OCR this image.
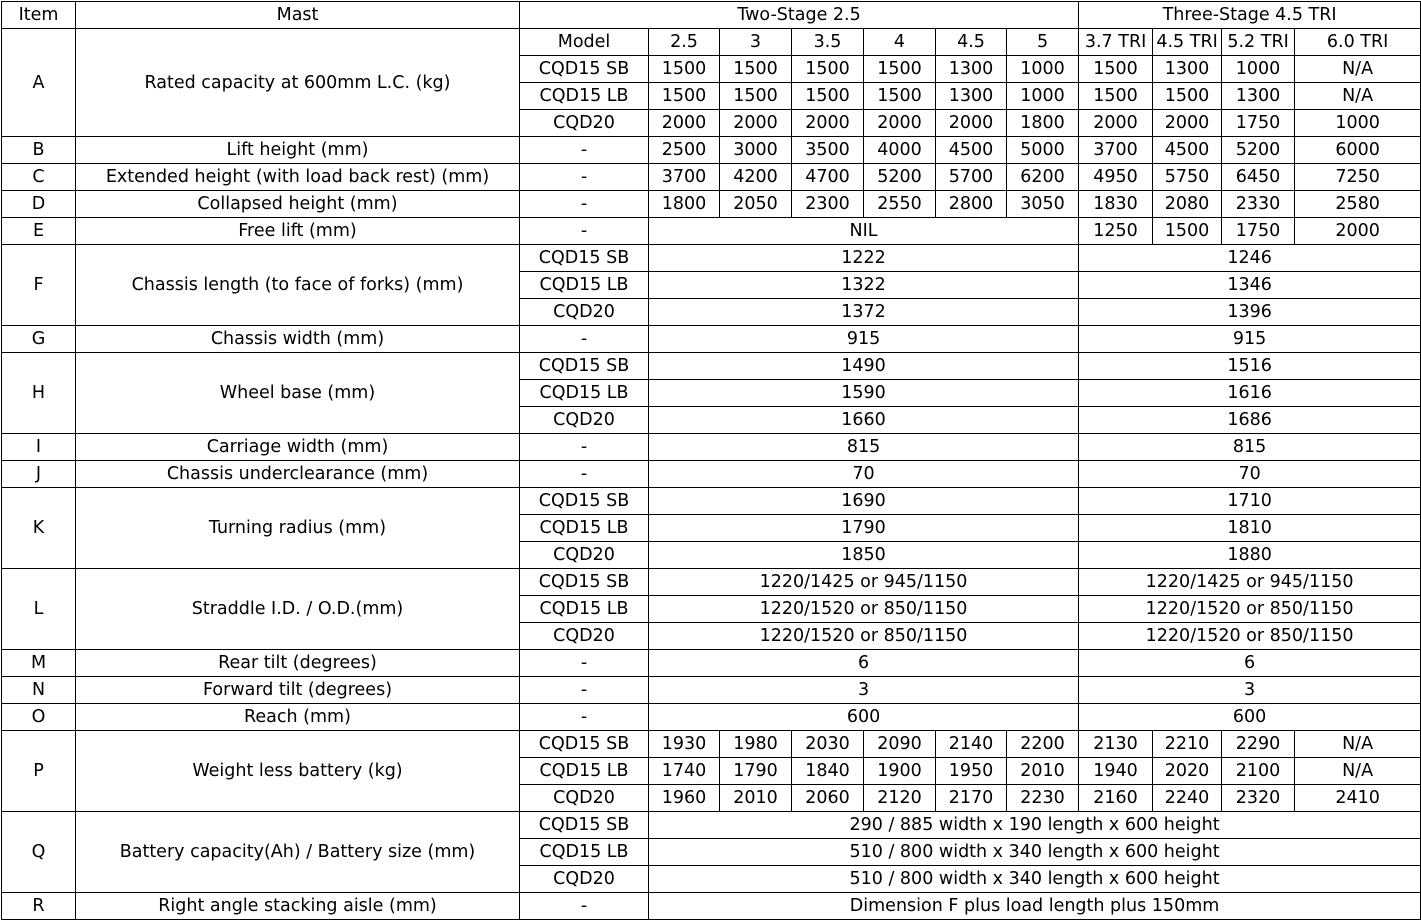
Item	Mast	Two-Stage 2.5							Three-Stage 4.5 TRI			
A	Rated capacity at 600mm L.C. (kg)	Model	2.5	3	3.5	4	4.5	5	3.7 TRI	4.5 TRI	5.2 TRI	6.0 TRI
		CQD15 SB	1500	1500	1500	1500	1300	1000	1500	1300	1000	N/A
		CQD15 LB	1500	1500	1500	1500	1300	1000	1500	1500	1300	N/A
		CQD20	2000	2000	2000	2000	2000	1800	2000	2000	1750	1000
B	Lift height (mm)	-	2500	3000	3500	4000	4500	5000	3700	4500	5200	6000
C	Extended height (with load back rest) (mm)	-	3700	4200	4700	5200	5700	6200	4950	5750	6450	7250
D	Collapsed height (mm)	-	1800	2050	2300	2550	2800	3050	1830	2080	2330	2580
E	Free lift (mm)	-	NIL						1250	1500	1750	2000
F	Chassis length (to face of forks) (mm)	CQD15 SB	1222						1246			
		CQD15 LB	1322						1346			
		CQD20	1372						1396			
G	Chassis width (mm)	-	915						915			
H	Wheel base (mm)	CQD15 SB	1490						1516			
		CQD15 LB	1590						1616			
		CQD20	1660						1686			
I	Carriage width (mm)	-	815						815			
J	Chassis underclearance (mm)	-	70						70			
K	Turning radius (mm)	CQD15 SB	1690						1710			
		CQD15 LB	1790						1810			
		CQD20	1850						1880			
L	Straddle I.D. / O.D.(mm)	CQD15 SB	1220/1425 or 945/1150						1220/1425 or 945/1150			
		CQD15 LB	1220/1520 or 850/1150						1220/1520 or 850/1150			
		CQD20	1220/1520 or 850/1150						1220/1520 or 850/1150			
M	Rear tilt (degrees)	-	6						6			
N	Forward tilt (degrees)	-	3						3			
O	Reach (mm)	-	600						600			
P	Weight less battery (kg)	CQD15 SB	1930	1980	2030	2090	2140	2200	2130	2210	2290	N/A
		CQD15 LB	1740	1790	1840	1900	1950	2010	1940	2020	2100	N/A
		CQD20	1960	2010	2060	2120	2170	2230	2160	2240	2320	2410
Q	Battery capacity(Ah) / Battery size (mm)	CQD15 SB	290 / 885 width x 190 length x 600 height									
		CQD15 LB	510 / 800 width x 340 length x 600 height									
		CQD20	510 / 800 width x 340 length x 600 height									
R	Right angle stacking aisle (mm)	-	Dimension F plus load length plus 150mm									
